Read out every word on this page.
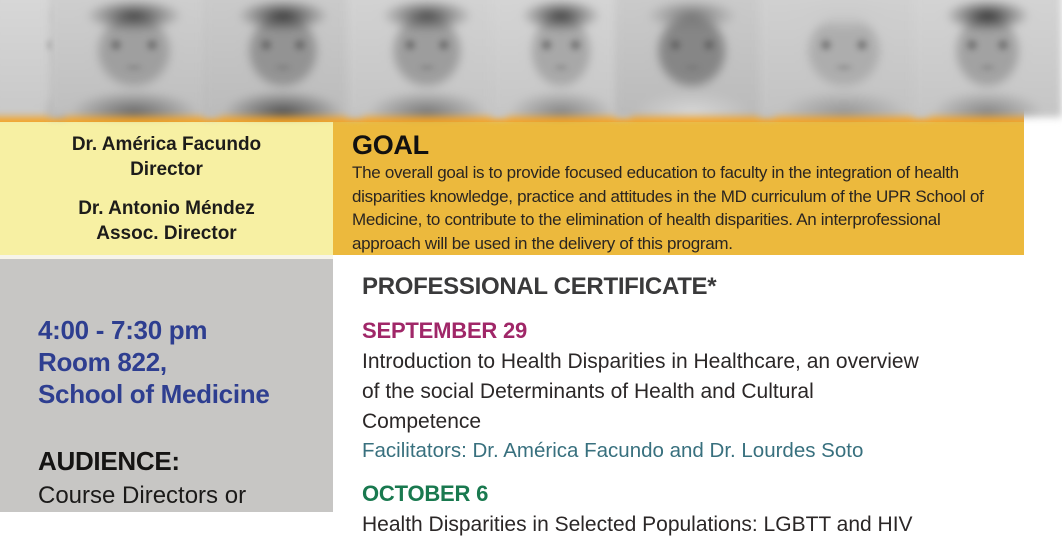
Dr. América Facundo
Director
Dr. Antonio Méndez
Assoc. Director
4:00 - 7:30 pm
Room 822,
School of Medicine
AUDIENCE:
Course Directors or
GOAL

The overall goal is to provide focused education to faculty in the integration of health disparities knowledge, practice and attitudes in the MD curriculum of the UPR School of Medicine, to contribute to the elimination of health disparities. An interprofessional approach will be used in the delivery of this program.

PROFESSIONAL CERTIFICATE*
SEPTEMBER 29
Introduction to Health Disparities in Healthcare, an overview of the social Determinants of Health and Cultural Competence
Facilitators: Dr. América Facundo and Dr. Lourdes Soto
OCTOBER 6
Health Disparities in Selected Populations: LGBTT and HIV
